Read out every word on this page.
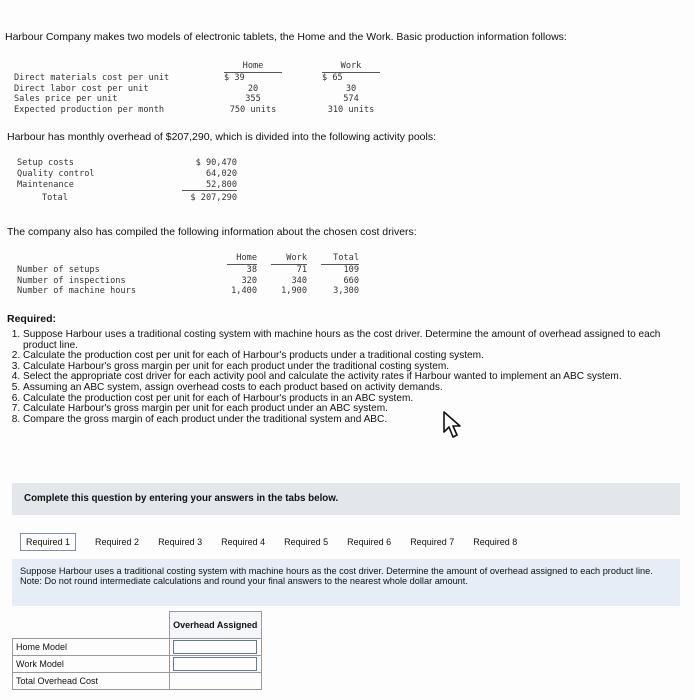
Harbour Company makes two models of electronic tablets, the Home and the Work. Basic production information follows:
	Home		Work
Direct materials cost per unit	$ 39		$ 65
Direct labor cost per unit	20		30
Sales price per unit	355		574
Expected production per month	750 units		310 units
Harbour has monthly overhead of $207,290, which is divided into the following activity pools:
Setup costs	$ 90,470
Quality control	64,020
Maintenance	52,800
Total	$ 207,290
The company also has compiled the following information about the chosen cost drivers:
	Home		Work		Total
Number of setups	38		71		109
Number of inspections	320		340		660
Number of machine hours	1,400		1,900		3,300
Required:
1. Suppose Harbour uses a traditional costing system with machine hours as the cost driver. Determine the amount of overhead assigned to each product line.
2. Calculate the production cost per unit for each of Harbour's products under a traditional costing system.
3. Calculate Harbour's gross margin per unit for each product under the traditional costing system.
4. Select the appropriate cost driver for each activity pool and calculate the activity rates if Harbour wanted to implement an ABC system.
5. Assuming an ABC system, assign overhead costs to each product based on activity demands.
6. Calculate the production cost per unit for each of Harbour's products in an ABC system.
7. Calculate Harbour's gross margin per unit for each product under an ABC system.
8. Compare the gross margin of each product under the traditional system and ABC.
Complete this question by entering your answers in the tabs below.
Required 1	Required 2 Required 3 Required 4 Required 5 Required 6 Required 7 Required 8
Suppose Harbour uses a traditional costing system with machine hours as the cost driver. Determine the amount of overhead assigned to each product line.
Note: Do not round intermediate calculations and round your final answers to the nearest whole dollar amount.
	Overhead Assigned
Home Model	
Work Model	
Total Overhead Cost	
